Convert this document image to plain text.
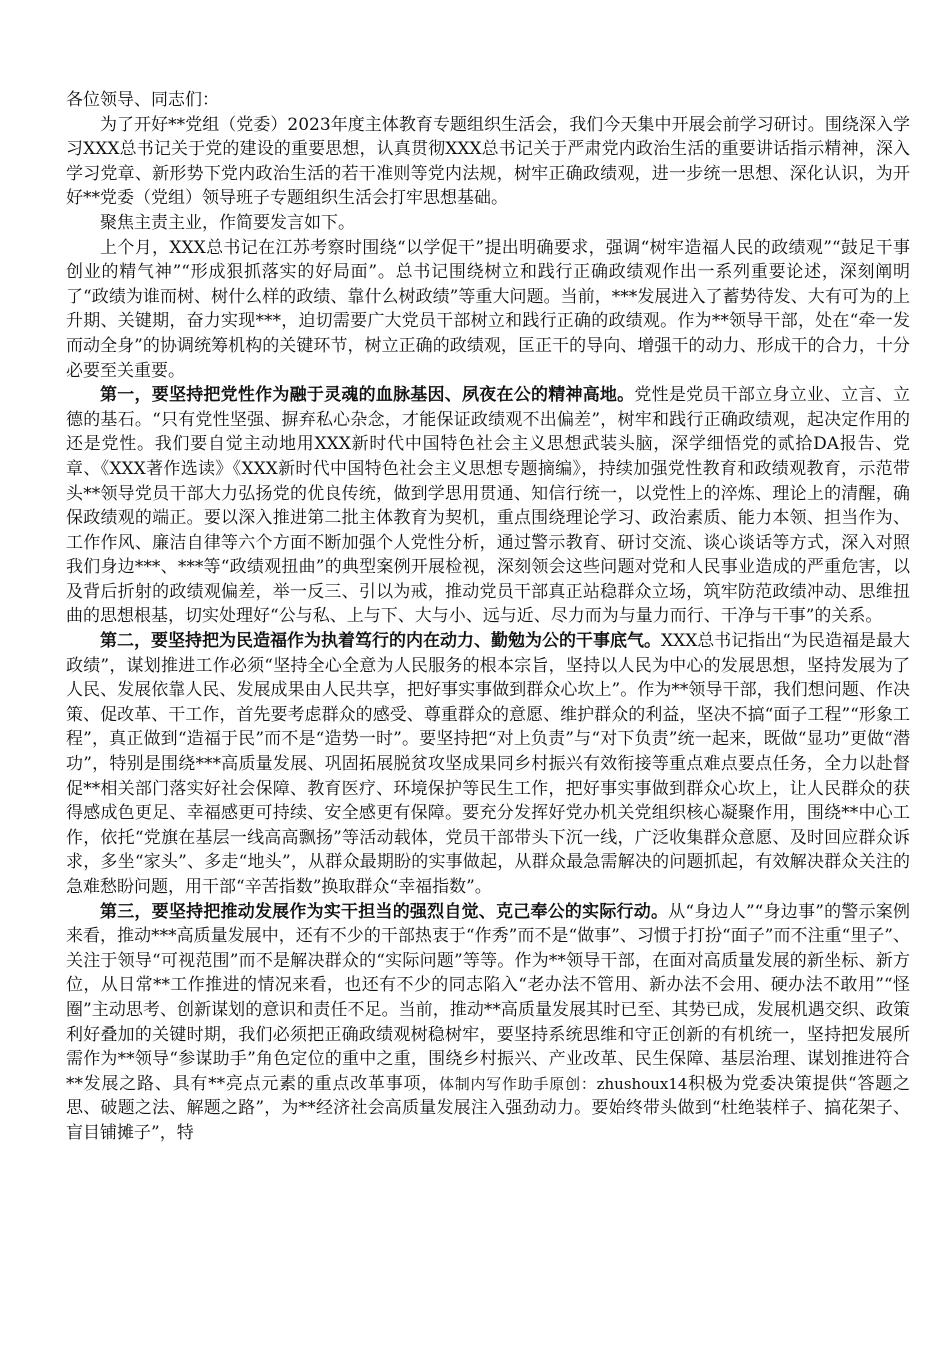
各位领导、同志们：

为了开好**党组（党委）2023年度主体教育专题组织生活会，我们今天集中开展会前学习研讨。围绕深入学习XXX总书记关于党的建设的重要思想，认真贯彻XXX总书记关于严肃党内政治生活的重要讲话指示精神，深入学习党章、新形势下党内政治生活的若干准则等党内法规，树牢正确政绩观，进一步统一思想、深化认识，为开好**党委（党组）领导班子专题组织生活会打牢思想基础。

聚焦主责主业，作简要发言如下。

上个月，XXX总书记在江苏考察时围绕“以学促干”提出明确要求，强调“树牢造福人民的政绩观”“鼓足干事创业的精气神”“形成狠抓落实的好局面”。总书记围绕树立和践行正确政绩观作出一系列重要论述，深刻阐明了“政绩为谁而树、树什么样的政绩、靠什么树政绩”等重大问题。当前，***发展进入了蓄势待发、大有可为的上升期、关键期，奋力实现***，迫切需要广大党员干部树立和践行正确的政绩观。作为**领导干部，处在“牵一发而动全身”的协调统筹机构的关键环节，树立正确的政绩观，匡正干的导向、增强干的动力、形成干的合力，十分必要至关重要。

第一，要坚持把党性作为融于灵魂的血脉基因、夙夜在公的精神高地。党性是党员干部立身立业、立言、立德的基石。“只有党性坚强、摒弃私心杂念，才能保证政绩观不出偏差”，树牢和践行正确政绩观，起决定作用的还是党性。我们要自觉主动地用XXX新时代中国特色社会主义思想武装头脑，深学细悟党的贰拾DA报告、党章、《XXX著作选读》《XXX新时代中国特色社会主义思想专题摘编》，持续加强党性教育和政绩观教育，示范带头**领导党员干部大力弘扬党的优良传统，做到学思用贯通、知信行统一，以党性上的淬炼、理论上的清醒，确保政绩观的端正。要以深入推进第二批主体教育为契机，重点围绕理论学习、政治素质、能力本领、担当作为、工作作风、廉洁自律等六个方面不断加强个人党性分析，通过警示教育、研讨交流、谈心谈话等方式，深入对照我们身边***、***等“政绩观扭曲”的典型案例开展检视，深刻领会这些问题对党和人民事业造成的严重危害，以及背后折射的政绩观偏差，举一反三、引以为戒，推动党员干部真正站稳群众立场，筑牢防范政绩冲动、思维扭曲的思想根基，切实处理好“公与私、上与下、大与小、远与近、尽力而为与量力而行、干净与干事”的关系。

第二，要坚持把为民造福作为执着笃行的内在动力、勤勉为公的干事底气。XXX总书记指出“为民造福是最大政绩”，谋划推进工作必须“坚持全心全意为人民服务的根本宗旨，坚持以人民为中心的发展思想，坚持发展为了人民、发展依靠人民、发展成果由人民共享，把好事实事做到群众心坎上”。作为**领导干部，我们想问题、作决策、促改革、干工作，首先要考虑群众的感受、尊重群众的意愿、维护群众的利益，坚决不搞“面子工程”“形象工程”，真正做到“造福于民”而不是“造势一时”。要坚持把“对上负责”与“对下负责”统一起来，既做“显功”更做“潜功”，特别是围绕***高质量发展、巩固拓展脱贫攻坚成果同乡村振兴有效衔接等重点难点要点任务，全力以赴督促**相关部门落实好社会保障、教育医疗、环境保护等民生工作，把好事实事做到群众心坎上，让人民群众的获得感成色更足、幸福感更可持续、安全感更有保障。要充分发挥好党办机关党组织核心凝聚作用，围绕**中心工作，依托“党旗在基层一线高高飘扬”等活动载体，党员干部带头下沉一线，广泛收集群众意愿、及时回应群众诉求，多坐“家头”、多走“地头”，从群众最期盼的实事做起，从群众最急需解决的问题抓起，有效解决群众关注的急难愁盼问题，用干部“辛苦指数”换取群众“幸福指数”。

第三，要坚持把推动发展作为实干担当的强烈自觉、克己奉公的实际行动。从“身边人”“身边事”的警示案例来看，推动***高质量发展中，还有不少的干部热衷于“作秀”而不是“做事”、习惯于打扮“面子”而不注重“里子”、关注于领导“可视范围”而不是解决群众的“实际问题”等等。作为**领导干部，在面对高质量发展的新坐标、新方位，从日常**工作推进的情况来看，也还有不少的同志陷入“老办法不管用、新办法不会用、硬办法不敢用”“怪圈”主动思考、创新谋划的意识和责任不足。当前，推动**高质量发展其时已至、其势已成，发展机遇交织、政策利好叠加的关键时期，我们必须把正确政绩观树稳树牢，要坚持系统思维和守正创新的有机统一，坚持把发展所需作为**领导“参谋助手”角色定位的重中之重，围绕乡村振兴、产业改革、民生保障、基层治理、谋划推进符合**发展之路、具有**亮点元素的重点改革事项，体制内写作助手原创：zhushoux14积极为党委决策提供“答题之思、破题之法、解题之路”，为**经济社会高质量发展注入强劲动力。要始终带头做到“杜绝装样子、搞花架子、盲目铺摊子”，特
